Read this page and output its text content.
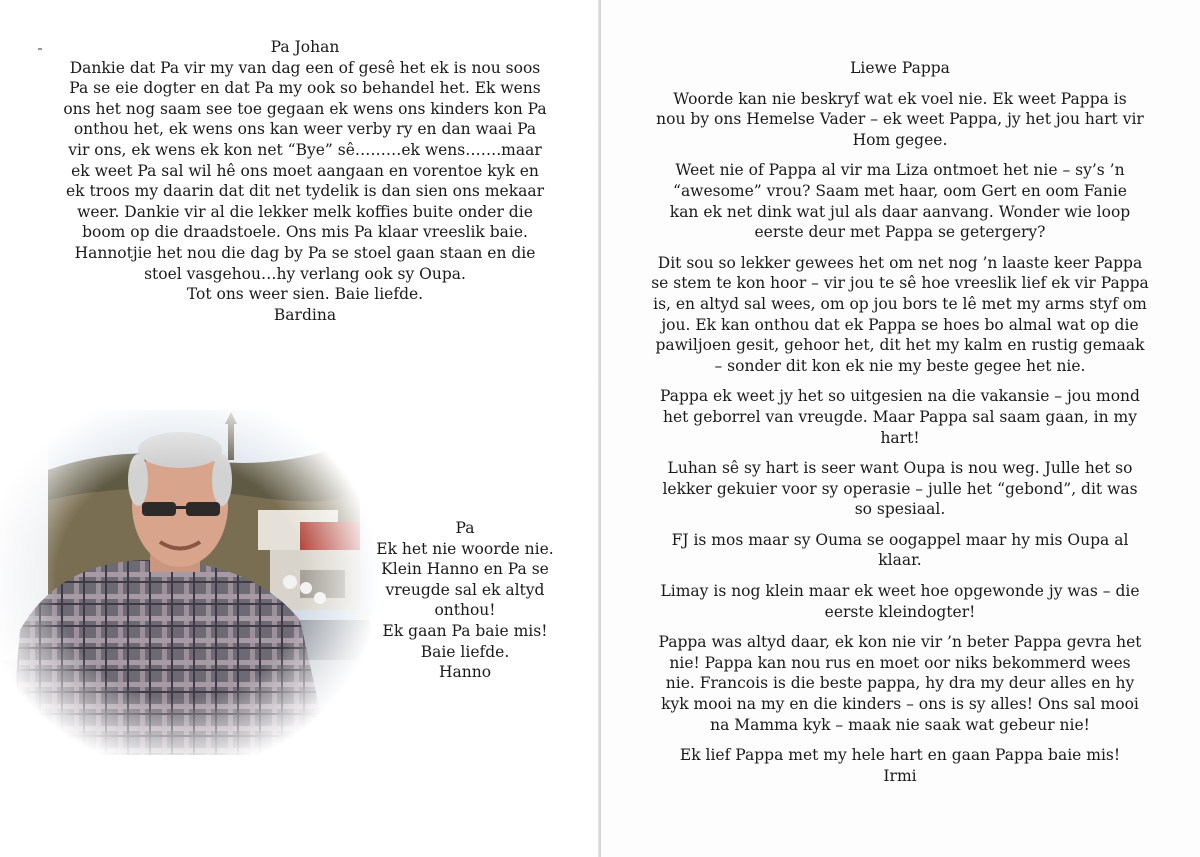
Pa Johan

Dankie dat Pa vir my van dag een of gesê het ek is nou soos

Pa se eie dogter en dat Pa my ook so behandel het. Ek wens

ons het nog saam see toe gegaan ek wens ons kinders kon Pa

onthou het, ek wens ons kan weer verby ry en dan waai Pa

vir ons, ek wens ek kon net “Bye” sê………ek wens…….maar

ek weet Pa sal wil hê ons moet aangaan en vorentoe kyk en

ek troos my daarin dat dit net tydelik is dan sien ons mekaar

weer. Dankie vir al die lekker melk koffies buite onder die

boom op die draadstoele. Ons mis Pa klaar vreeslik baie.

Hannotjie het nou die dag by Pa se stoel gaan staan en die

stoel vasgehou…hy verlang ook sy Oupa.

Tot ons weer sien. Baie liefde.

Bardina

Pa

Ek het nie woorde nie.

Klein Hanno en Pa se

vreugde sal ek altyd

onthou!

Ek gaan Pa baie mis!

Baie liefde.

Hanno

Liewe Pappa

Woorde kan nie beskryf wat ek voel nie. Ek weet Pappa is

nou by ons Hemelse Vader – ek weet Pappa, jy het jou hart vir

Hom gegee.

Weet nie of Pappa al vir ma Liza ontmoet het nie – sy’s ’n

“awesome” vrou? Saam met haar, oom Gert en oom Fanie

kan ek net dink wat jul als daar aanvang. Wonder wie loop

eerste deur met Pappa se getergery?

Dit sou so lekker gewees het om net nog ’n laaste keer Pappa

se stem te kon hoor – vir jou te sê hoe vreeslik lief ek vir Pappa

is, en altyd sal wees, om op jou bors te lê met my arms styf om

jou. Ek kan onthou dat ek Pappa se hoes bo almal wat op die

pawiljoen gesit, gehoor het, dit het my kalm en rustig gemaak

– sonder dit kon ek nie my beste gegee het nie.

Pappa ek weet jy het so uitgesien na die vakansie – jou mond

het geborrel van vreugde. Maar Pappa sal saam gaan, in my

hart!

Luhan sê sy hart is seer want Oupa is nou weg. Julle het so

lekker gekuier voor sy operasie – julle het “gebond”, dit was

so spesiaal.

FJ is mos maar sy Ouma se oogappel maar hy mis Oupa al

klaar.

Limay is nog klein maar ek weet hoe opgewonde jy was – die

eerste kleindogter!

Pappa was altyd daar, ek kon nie vir ’n beter Pappa gevra het

nie! Pappa kan nou rus en moet oor niks bekommerd wees

nie. Francois is die beste pappa, hy dra my deur alles en hy

kyk mooi na my en die kinders – ons is sy alles! Ons sal mooi

na Mamma kyk – maak nie saak wat gebeur nie!

Ek lief Pappa met my hele hart en gaan Pappa baie mis!

Irmi
